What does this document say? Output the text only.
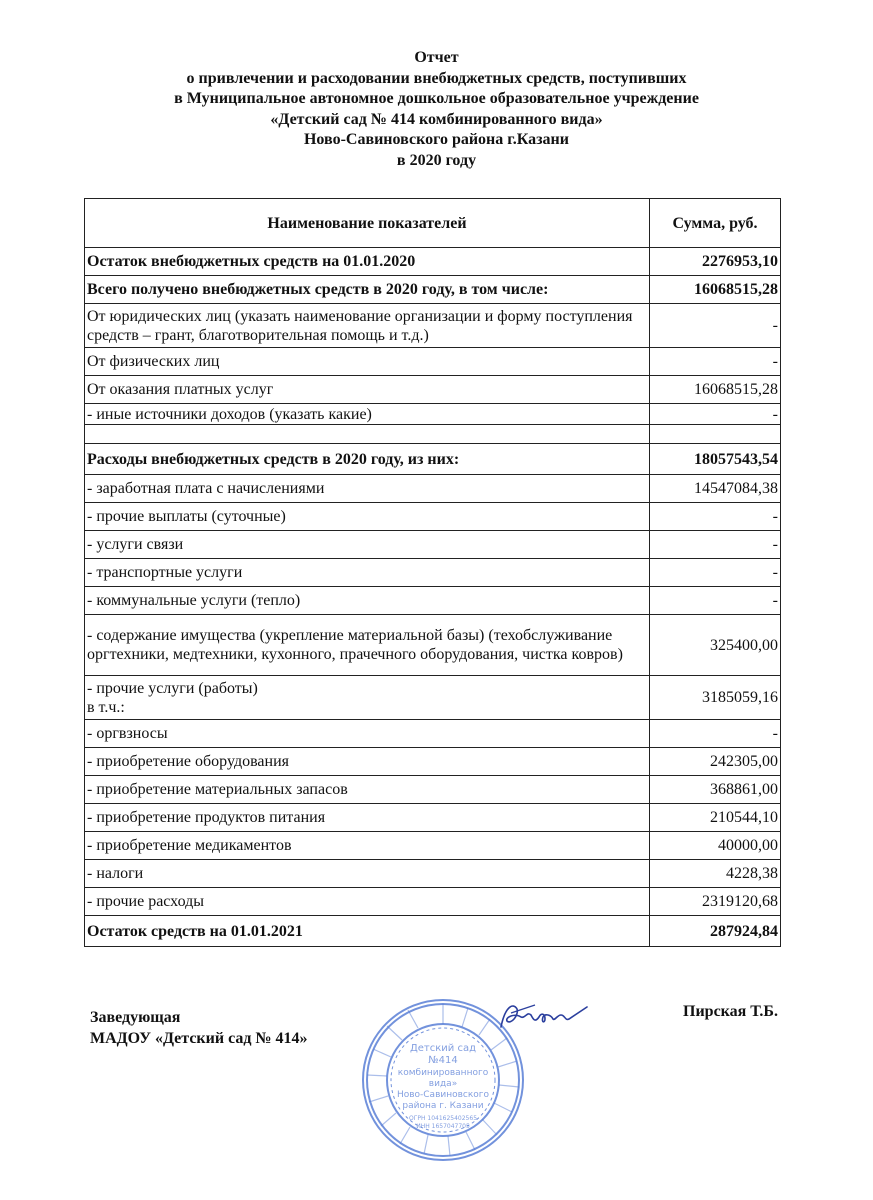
Отчет
о привлечении и расходовании внебюджетных средств, поступивших
в Муниципальное автономное дошкольное образовательное учреждение
«Детский сад № 414 комбинированного вида»
Ново-Савиновского района г.Казани
в 2020 году
Наименование показателей	Сумма, руб.
Остаток внебюджетных средств на 01.01.2020	2276953,10
Всего получено внебюджетных средств в 2020 году, в том числе:	16068515,28
От юридических лиц (указать наименование организации и форму поступления средств – грант, благотворительная помощь и т.д.)	-
От физических лиц	-
От оказания платных услуг	16068515,28
- иные источники доходов (указать какие)	-

Расходы внебюджетных средств в 2020 году, из них:	18057543,54
- заработная плата с начислениями	14547084,38
- прочие выплаты (суточные)	-
- услуги связи	-
- транспортные услуги	-
- коммунальные услуги (тепло)	-
- содержание имущества (укрепление материальной базы) (техобслуживание оргтехники, медтехники, кухонного, прачечного оборудования, чистка ковров)	325400,00

- прочие услуги (работы)
в т.ч.:	3185059,16
- оргвзносы	-
- приобретение оборудования	242305,00
- приобретение материальных запасов	368861,00
- приобретение продуктов питания	210544,10
- приобретение медикаментов	40000,00
- налоги	4228,38
- прочие расходы	2319120,68
Остаток средств на 01.01.2021	287924,84
Заведующая
МАДОУ «Детский сад № 414»
Детский сад
№414
комбинированного
вида»
Ново-Савиновского
района г. Казани
ОГРН 1041625402565
ИНН 1657047705
Пирская Т.Б.
